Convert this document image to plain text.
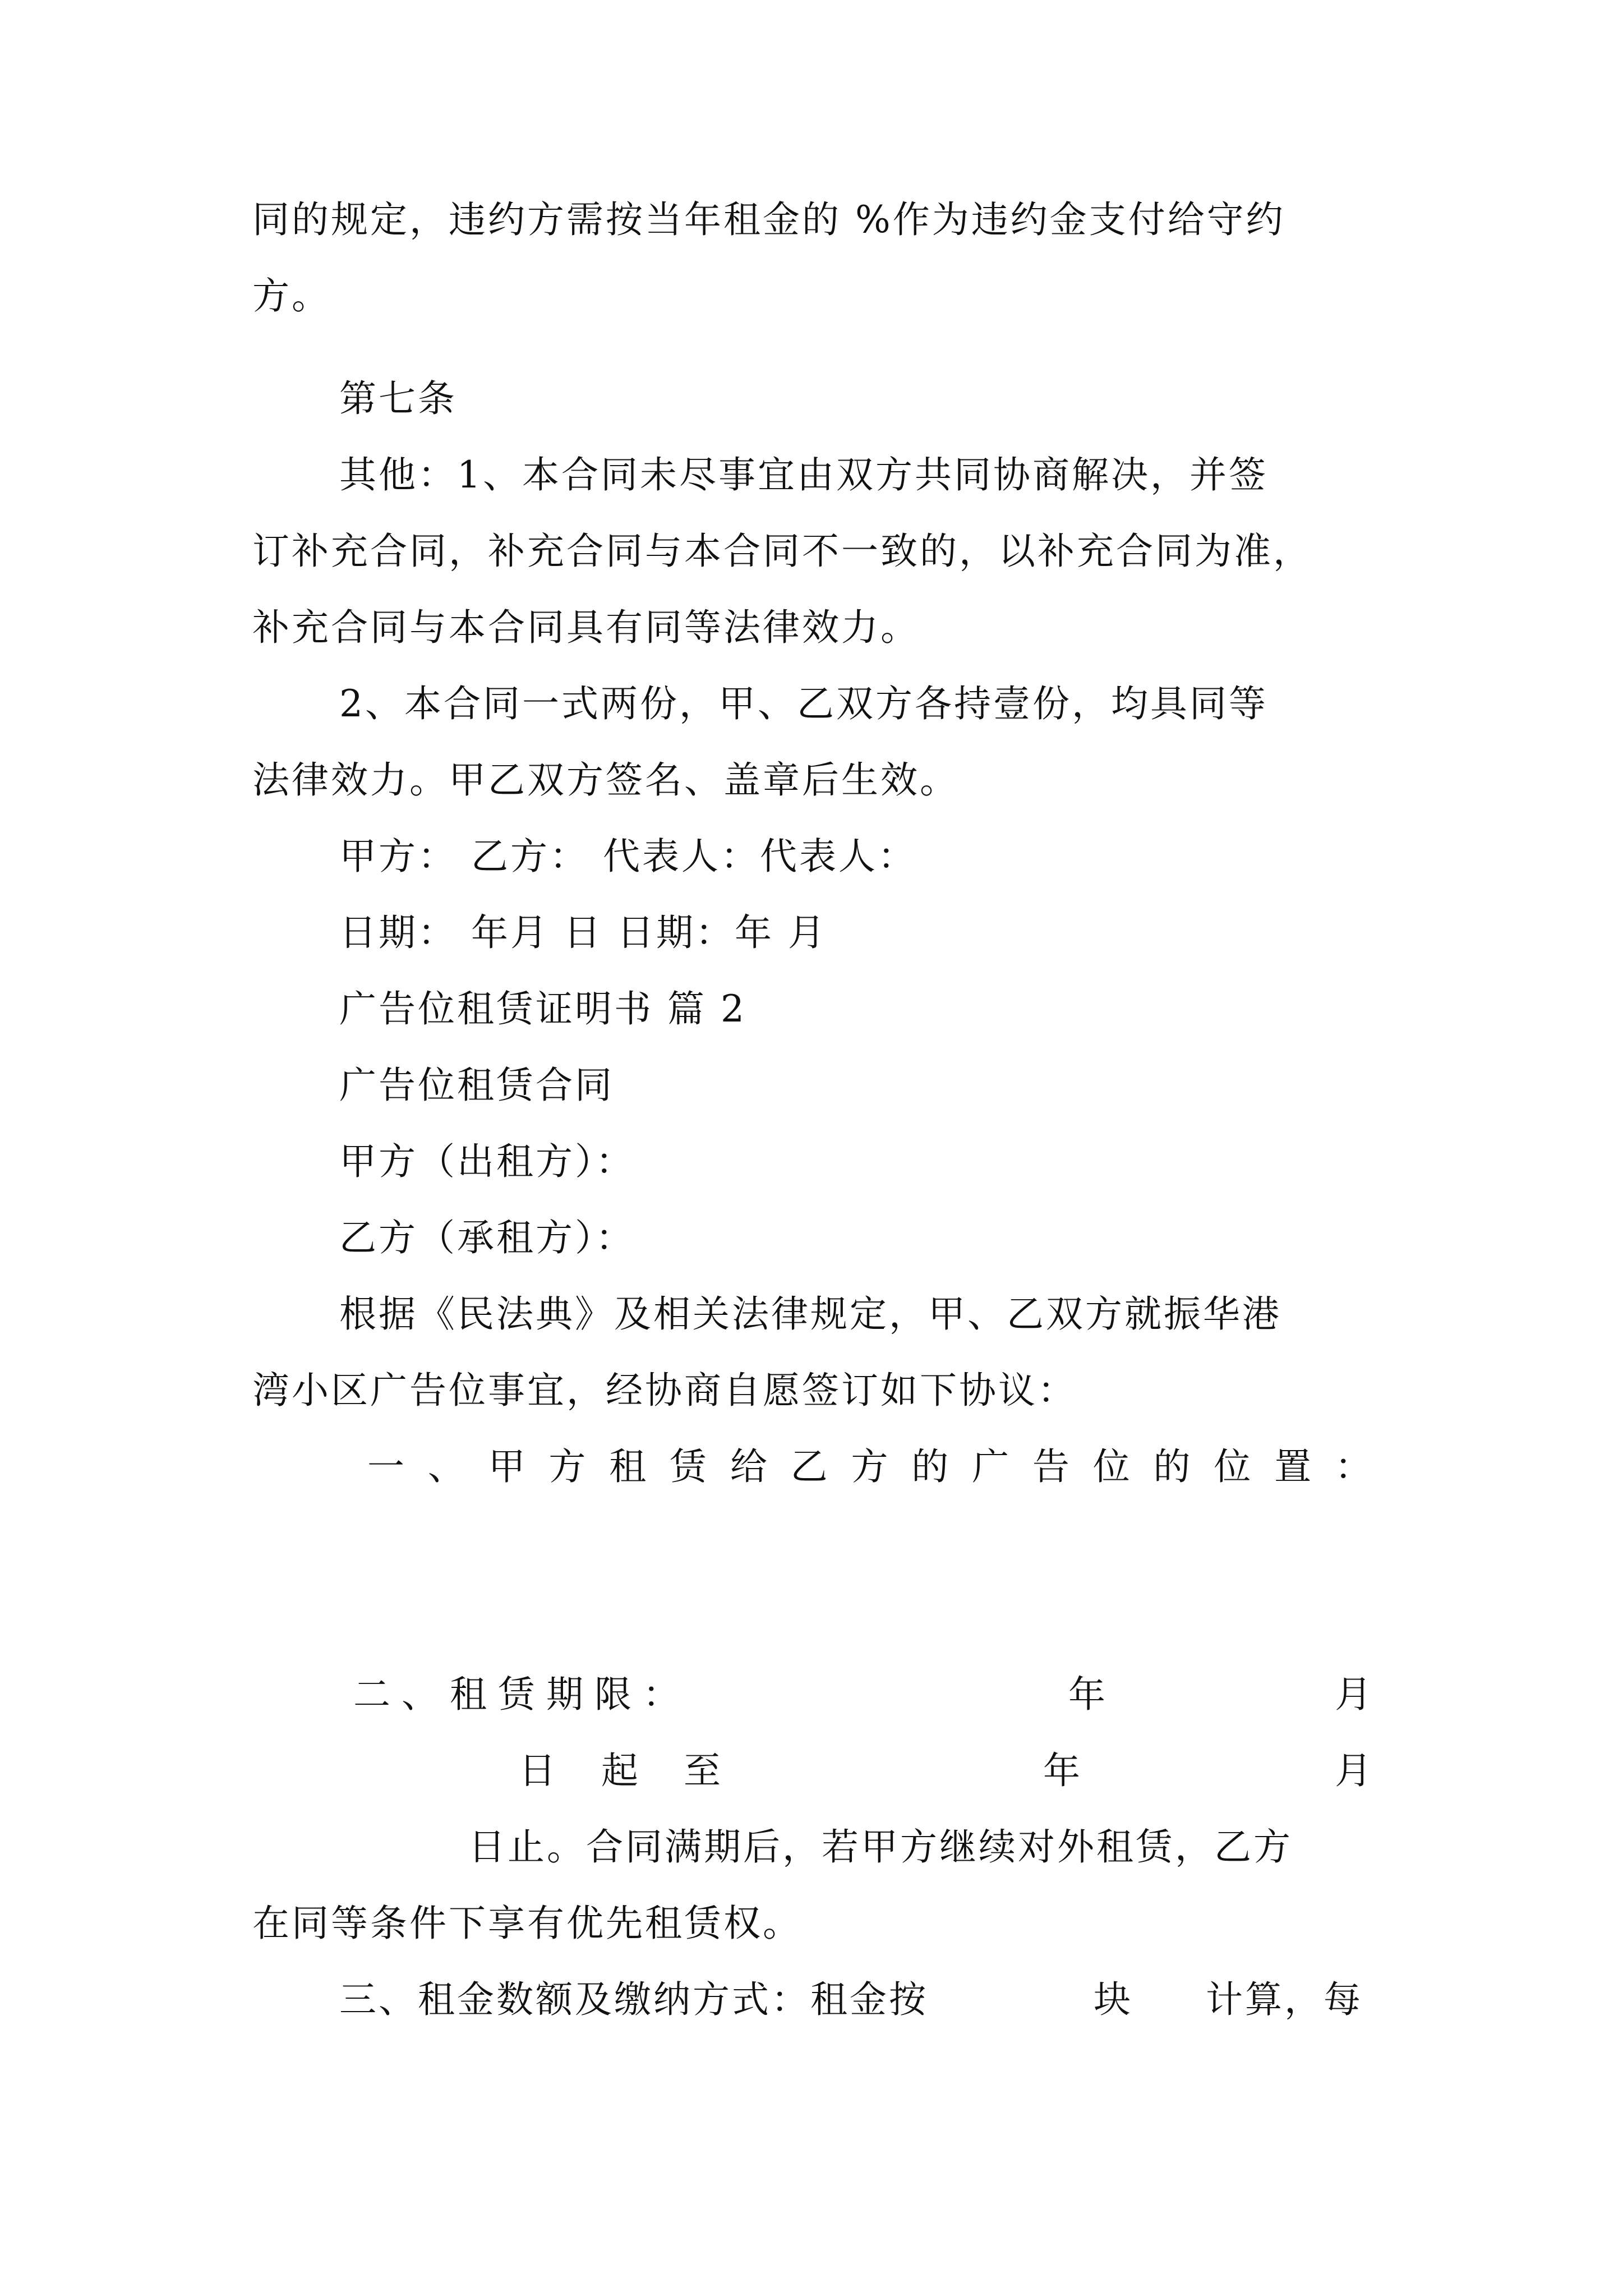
同的规定，违约方需按当年租金的 %作为违约金支付给守约
方。
第七条
其他：1、本合同未尽事宜由双方共同协商解决，并签
订补充合同，补充合同与本合同不一致的，以补充合同为准，
补充合同与本合同具有同等法律效力。
2、本合同一式两份，甲、乙双方各持壹份，均具同等
法律效力。甲乙双方签名、盖章后生效。
甲方： 乙方： 代表人：代表人：
日期： 年月 日 日期：年 月
广告位租赁证明书 篇 2
广告位租赁合同
甲方（出租方）：
乙方（承租方）：
根据《民法典》及相关法律规定，甲、乙双方就振华港
湾小区广告位事宜，经协商自愿签订如下协议：
一、甲方租赁给乙方的广告位的位置：
二、租赁期限：	年	月
日 起 至	年	月
日止。合同满期后，若甲方继续对外租赁，乙方
在同等条件下享有优先租赁权。
三、租金数额及缴纳方式：租金按	块 计算，每
